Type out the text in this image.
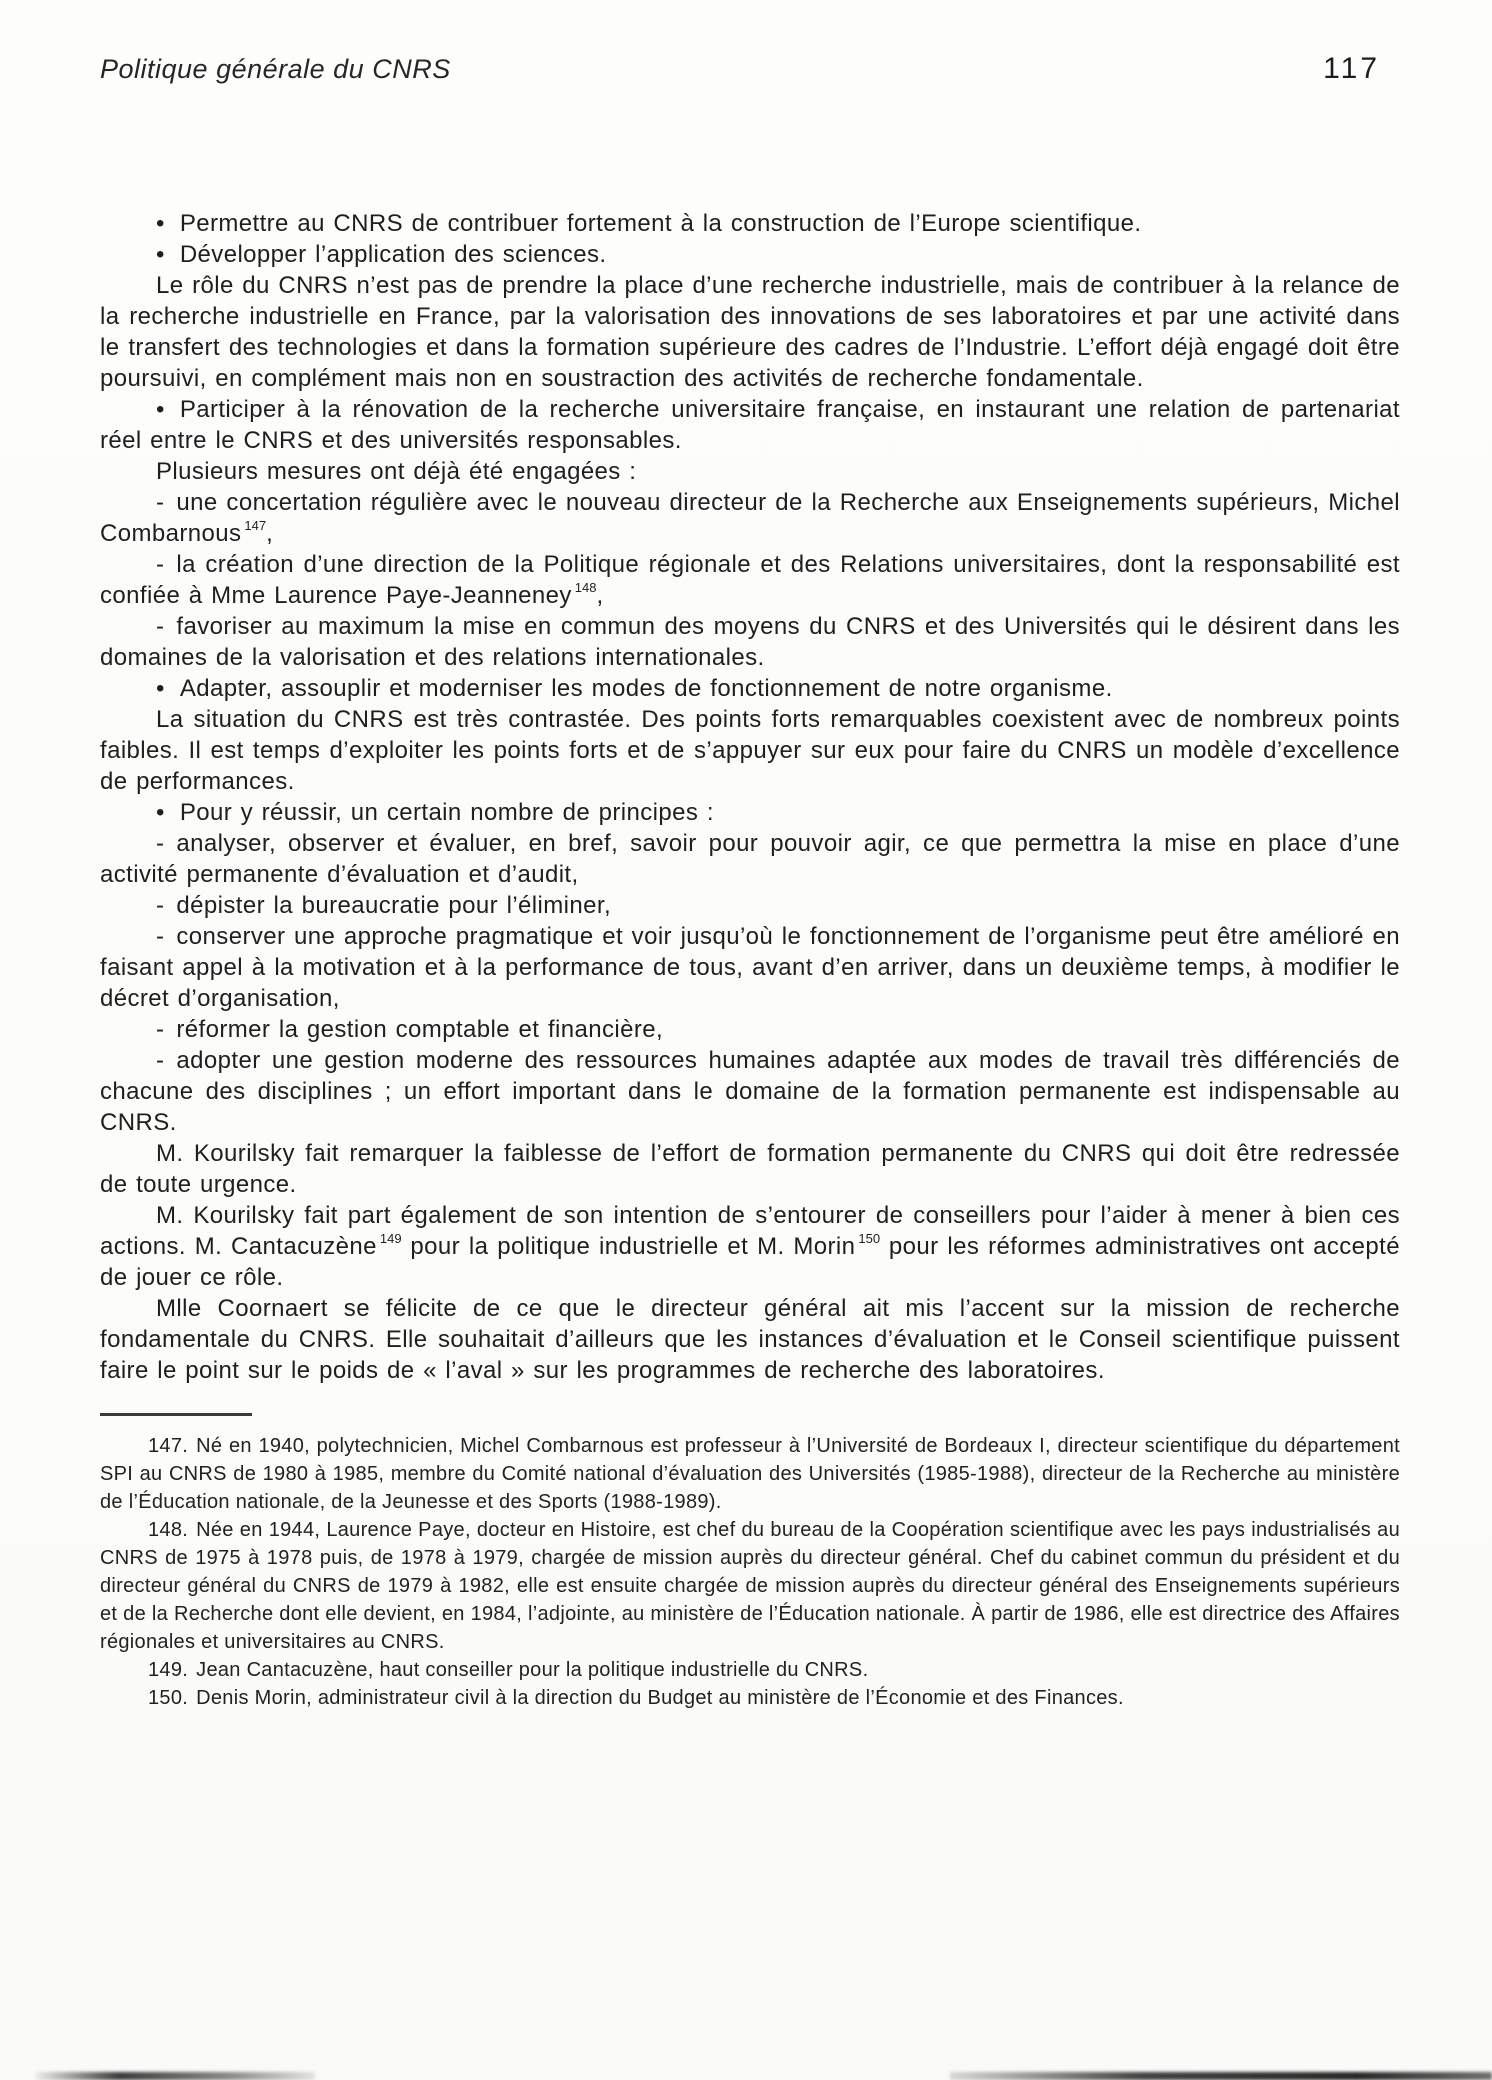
Politique générale du CNRS	117

• Permettre au CNRS de contribuer fortement à la construction de l’Europe scientifique.

• Développer l’application des sciences.

Le rôle du CNRS n’est pas de prendre la place d’une recherche industrielle, mais de contribuer à la relance de la recherche industrielle en France, par la valorisation des innovations de ses laboratoires et par une activité dans le transfert des technologies et dans la formation supérieure des cadres de l’Industrie. L’effort déjà engagé doit être poursuivi, en complément mais non en soustraction des activités de recherche fondamentale.

• Participer à la rénovation de la recherche universitaire française, en instaurant une relation de partenariat réel entre le CNRS et des universités responsables.

Plusieurs mesures ont déjà été engagées :

- une concertation régulière avec le nouveau directeur de la Recherche aux Enseignements supérieurs, Michel Combarnous $^{147}$,

- la création d’une direction de la Politique régionale et des Relations universitaires, dont la responsabilité est confiée à Mme Laurence Paye-Jeanneney $^{148}$,

- favoriser au maximum la mise en commun des moyens du CNRS et des Universités qui le désirent dans les domaines de la valorisation et des relations internationales.

• Adapter, assouplir et moderniser les modes de fonctionnement de notre organisme.

La situation du CNRS est très contrastée. Des points forts remarquables coexistent avec de nombreux points faibles. Il est temps d’exploiter les points forts et de s’appuyer sur eux pour faire du CNRS un modèle d’excellence de performances.

• Pour y réussir, un certain nombre de principes :

- analyser, observer et évaluer, en bref, savoir pour pouvoir agir, ce que permettra la mise en place d’une activité permanente d’évaluation et d’audit,

- dépister la bureaucratie pour l’éliminer,

- conserver une approche pragmatique et voir jusqu’où le fonctionnement de l’organisme peut être amélioré en faisant appel à la motivation et à la performance de tous, avant d’en arriver, dans un deuxième temps, à modifier le décret d’organisation,

- réformer la gestion comptable et financière,

- adopter une gestion moderne des ressources humaines adaptée aux modes de travail très différenciés de chacune des disciplines ; un effort important dans le domaine de la formation permanente est indispensable au CNRS.

M. Kourilsky fait remarquer la faiblesse de l’effort de formation permanente du CNRS qui doit être redressée de toute urgence.

M. Kourilsky fait part également de son intention de s’entourer de conseillers pour l’aider à mener à bien ces actions. M. Cantacuzène $^{149}$ pour la politique industrielle et M. Morin $^{150}$ pour les réformes administratives ont accepté de jouer ce rôle.

Mlle Coornaert se félicite de ce que le directeur général ait mis l’accent sur la mission de recherche fondamentale du CNRS. Elle souhaitait d’ailleurs que les instances d’évaluation et le Conseil scientifique puissent faire le point sur le poids de « l’aval » sur les programmes de recherche des laboratoires.

147. Né en 1940, polytechnicien, Michel Combarnous est professeur à l’Université de Bordeaux I, directeur scientifique du département SPI au CNRS de 1980 à 1985, membre du Comité national d’évaluation des Universités (1985-1988), directeur de la Recherche au ministère de l’Éducation nationale, de la Jeunesse et des Sports (1988-1989).

148. Née en 1944, Laurence Paye, docteur en Histoire, est chef du bureau de la Coopération scientifique avec les pays industrialisés au CNRS de 1975 à 1978 puis, de 1978 à 1979, chargée de mission auprès du directeur général. Chef du cabinet commun du président et du directeur général du CNRS de 1979 à 1982, elle est ensuite chargée de mission auprès du directeur général des Enseignements supérieurs et de la Recherche dont elle devient, en 1984, l’adjointe, au ministère de l’Éducation nationale. À partir de 1986, elle est directrice des Affaires régionales et universitaires au CNRS.

149. Jean Cantacuzène, haut conseiller pour la politique industrielle du CNRS.

150. Denis Morin, administrateur civil à la direction du Budget au ministère de l’Économie et des Finances.
